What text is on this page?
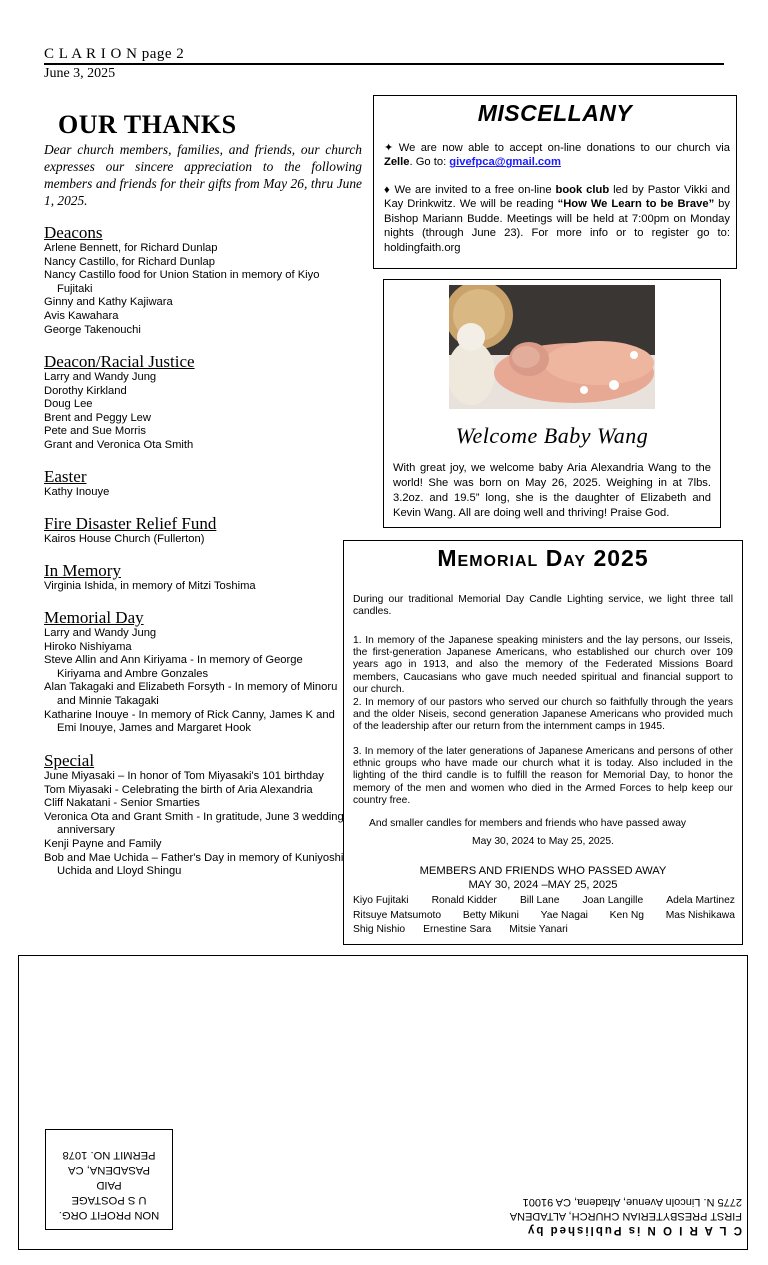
C L A R I O N page 2
June 3, 2025
OUR THANKS
Dear church members, families, and friends, our church expresses our sincere appreciation to the following members and friends for their gifts from May 26, thru June 1, 2025.
Deacons
Arlene Bennett, for Richard Dunlap
Nancy Castillo, for Richard Dunlap
Nancy Castillo food for Union Station in memory of Kiyo Fujitaki
Ginny and Kathy Kajiwara
Avis Kawahara
George Takenouchi
Deacon/Racial Justice
Larry and Wandy Jung
Dorothy Kirkland
Doug Lee
Brent and Peggy Lew
Pete and Sue Morris
Grant and Veronica Ota Smith
Easter
Kathy Inouye
Fire Disaster Relief Fund
Kairos House Church (Fullerton)
In Memory
Virginia Ishida, in memory of Mitzi Toshima
Memorial Day
Larry and Wandy Jung
Hiroko Nishiyama
Steve Allin and Ann Kiriyama - In memory of George Kiriyama and Ambre Gonzales
Alan Takagaki and Elizabeth Forsyth - In memory of Minoru and Minnie Takagaki
Katharine Inouye - In memory of Rick Canny, James K and Emi Inouye, James and Margaret Hook
Special
June Miyasaki – In honor of Tom Miyasaki's 101 birthday
Tom Miyasaki - Celebrating the birth of Aria Alexandria
Cliff Nakatani - Senior Smarties
Veronica Ota and Grant Smith - In gratitude, June 3 wedding anniversary
Kenji Payne and Family
Bob and Mae Uchida – Father's Day in memory of Kuniyoshi Uchida and Lloyd Shingu
MISCELLANY
✦ We are now able to accept on-line donations to our church via Zelle. Go to: givefpca@gmail.com
♦ We are invited to a free on-line book club led by Pastor Vikki and Kay Drinkwitz. We will be reading “How We Learn to be Brave” by Bishop Mariann Budde. Meetings will be held at 7:00pm on Monday nights (through June 23). For more info or to register go to: holdingfaith.org
Welcome Baby Wang
With great joy, we welcome baby Aria Alexandria Wang to the world! She was born on May 26, 2025. Weighing in at 7lbs. 3.2oz. and 19.5” long, she is the daughter of Elizabeth and Kevin Wang. All are doing well and thriving! Praise God.
Memorial Day 2025
During our traditional Memorial Day Candle Lighting service, we light three tall candles.
1. In memory of the Japanese speaking ministers and the lay persons, our Isseis, the first-generation Japanese Americans, who established our church over 109 years ago in 1913, and also the memory of the Federated Missions Board members, Caucasians who gave much needed spiritual and financial support to our church.
2. In memory of our pastors who served our church so faithfully through the years and the older Niseis, second generation Japanese Americans who provided much of the leadership after our return from the internment camps in 1945.
3. In memory of the later generations of Japanese Americans and persons of other ethnic groups who have made our church what it is today. Also included in the lighting of the third candle is to fulfill the reason for Memorial Day, to honor the memory of the men and women who died in the Armed Forces to help keep our country free.
And smaller candles for members and friends who have passed away
May 30, 2024 to May 25, 2025.
MEMBERS AND FRIENDS WHO PASSED AWAY
MAY 30, 2024 –MAY 25, 2025
Kiyo Fujitaki Ronald Kidder Bill Lane Joan Langille Adela Martinez
Ritsuye Matsumoto Betty Mikuni Yae Nagai Ken Ng Mas Nishikawa
Shig Nishio Ernestine Sara Mitsie Yanari
NON PROFIT ORG.
U S POSTAGE
PAID
PASADENA, CA
PERMIT NO. 1078
C L A R I O N is Published by
FIRST PRESBYTERIAN CHURCH, ALTADENA
2775 N. Lincoln Avenue, Altadena, CA 91001
